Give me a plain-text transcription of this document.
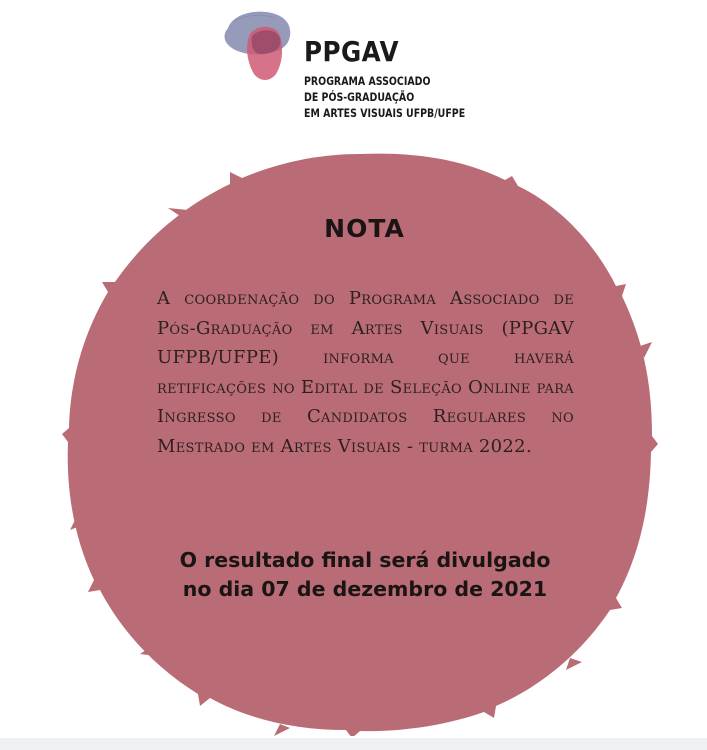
PPGAV
PROGRAMA ASSOCIADO
DE PÓS-GRADUAÇÃO
EM ARTES VISUAIS UFPB/UFPE
NOTA
A coordenação do Programa Associado de Pós-Graduação em Artes Visuais (PPGAV UFPB/UFPE) informa que haverá retificações no Edital de Seleção Online para Ingresso de Candidatos Regulares no Mestrado em Artes Visuais - turma 2022.
O resultado final será divulgado
no dia 07 de dezembro de 2021
